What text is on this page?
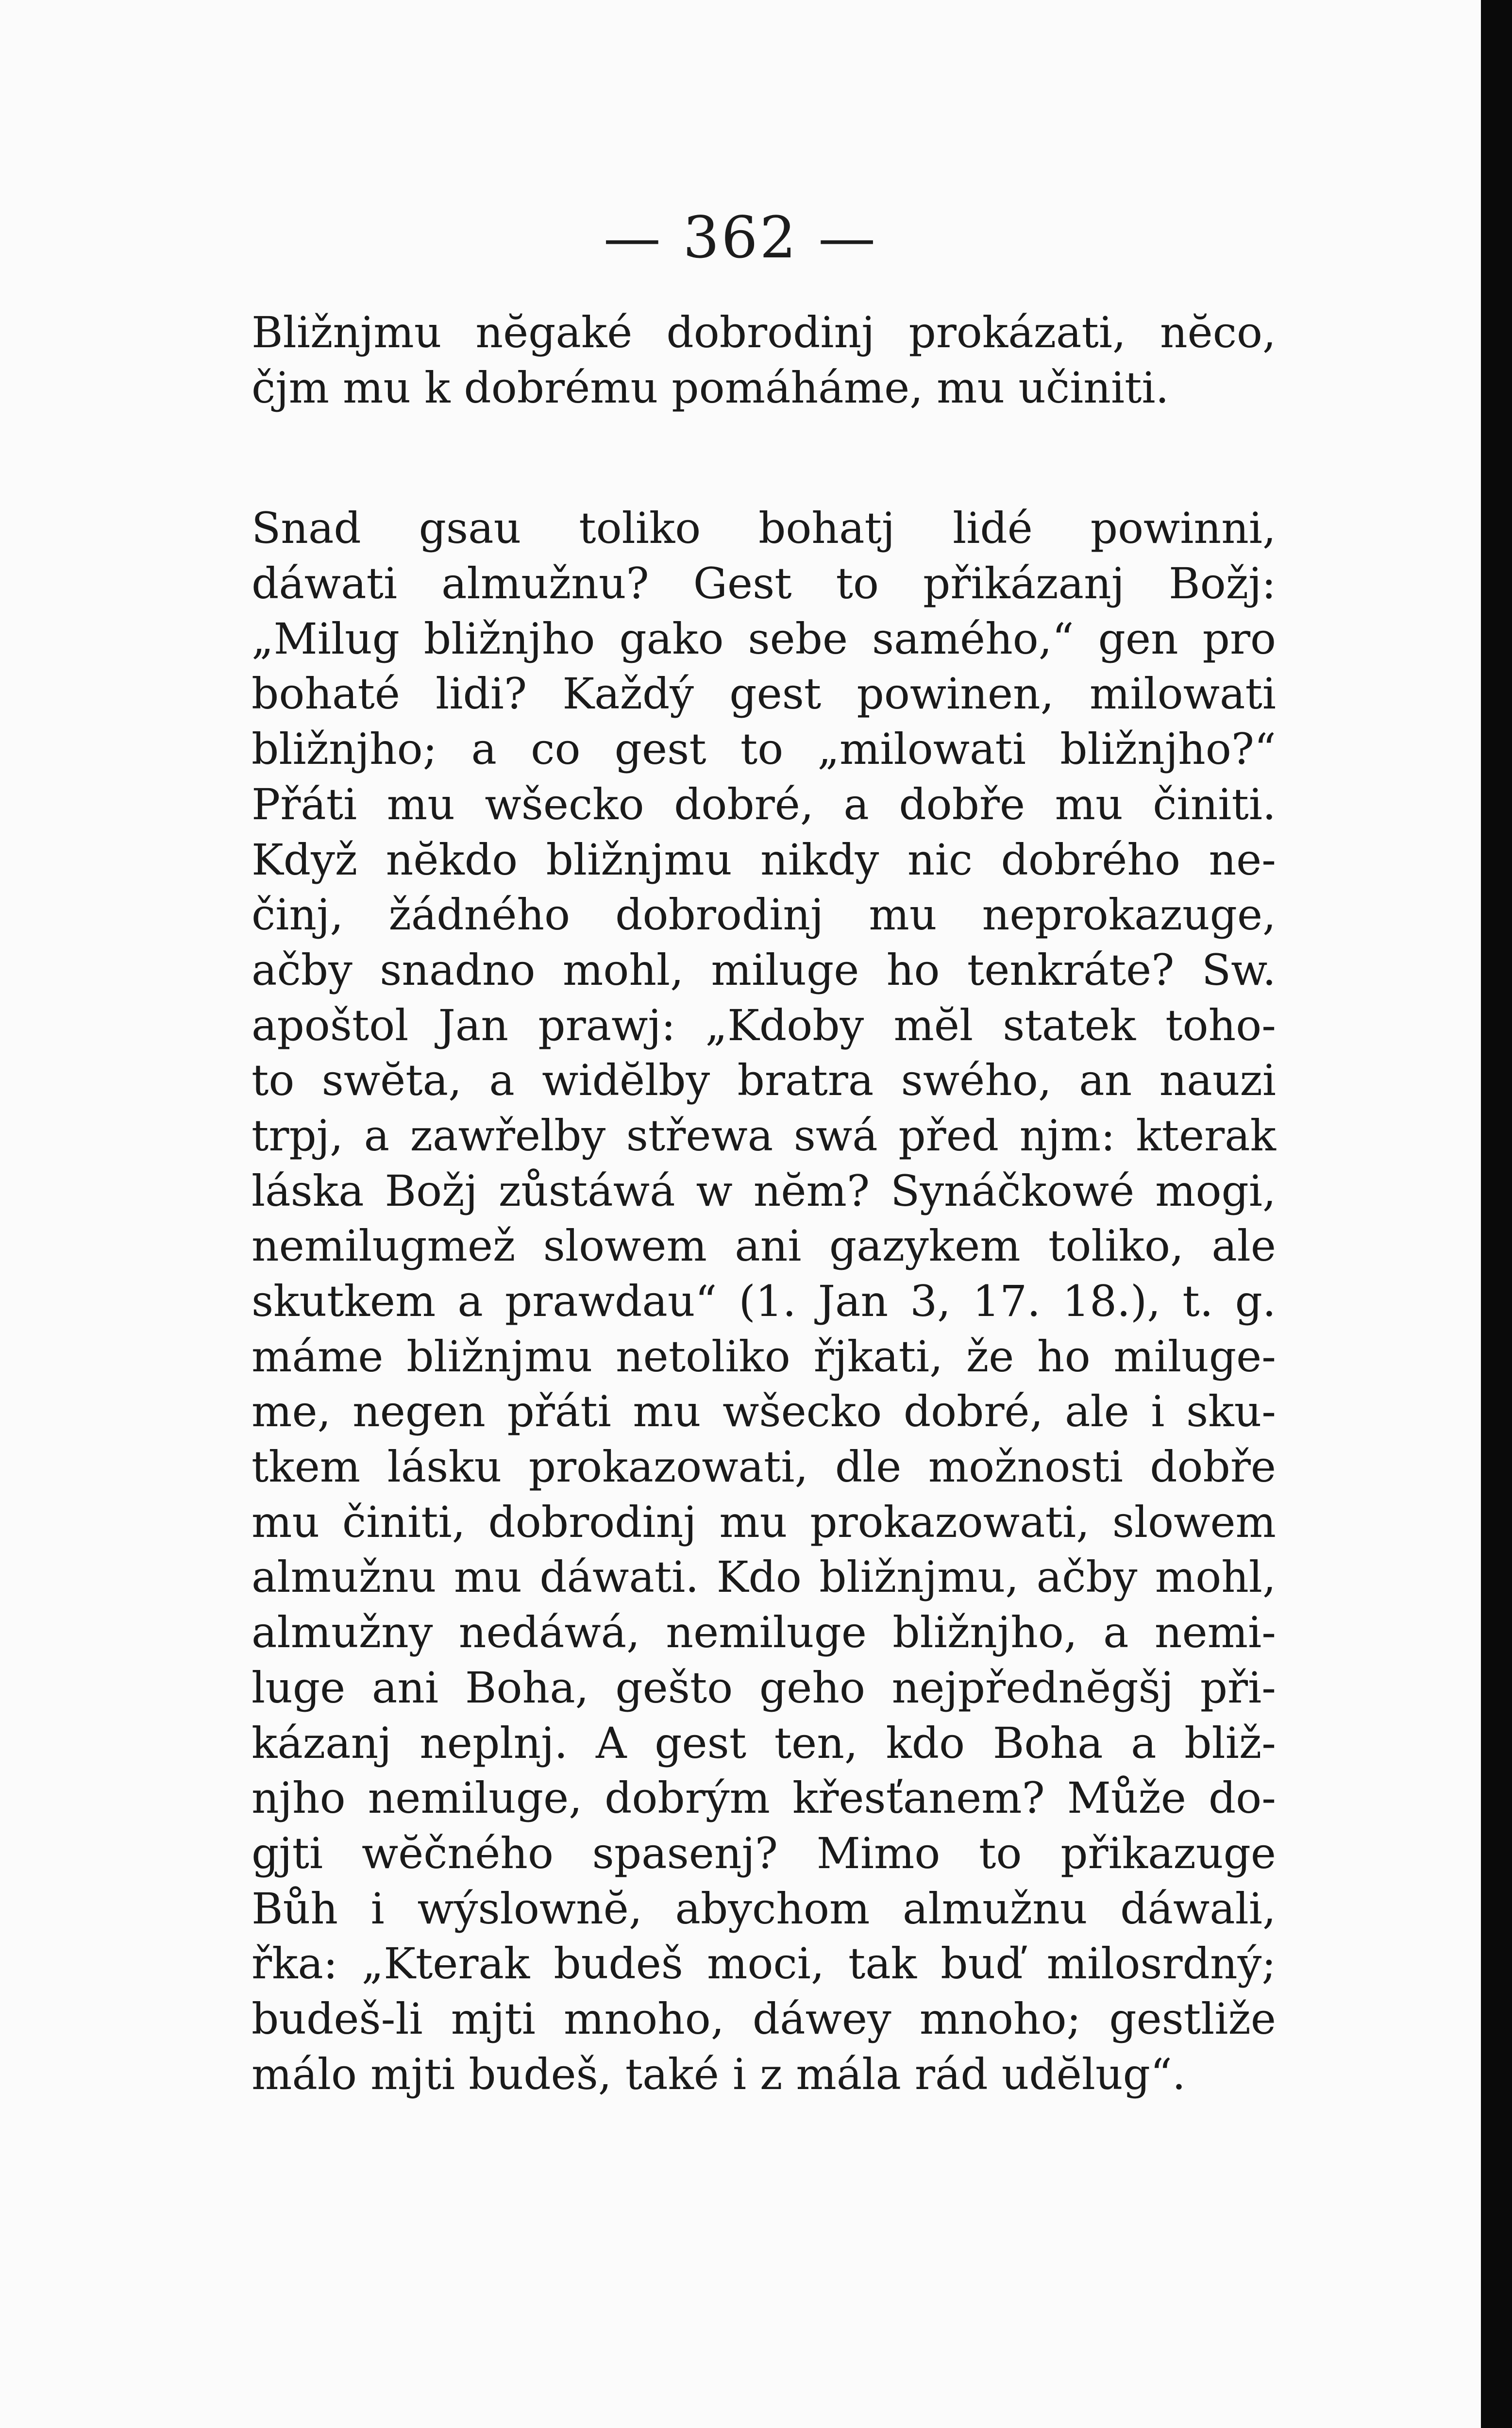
— 362 —
Bližnjmu nĕgaké dobrodinj prokázati, nĕco,
čjm mu k dobrému pomáháme, mu učiniti.
Snad gsau toliko bohatj lidé powinni,
dáwati almužnu? Gest to přikázanj Božj:
„Milug bližnjho gako sebe samého,“ gen pro
bohaté lidi? Každý gest powinen, milowati
bližnjho; a co gest to „milowati bližnjho?“
Přáti mu wšecko dobré, a dobře mu činiti.
Když nĕkdo bližnjmu nikdy nic dobrého ne-
činj, žádného dobrodinj mu neprokazuge,
ačby snadno mohl, miluge ho tenkráte? Sw.
apoštol Jan prawj: „Kdoby mĕl statek toho-
to swĕta, a widĕlby bratra swého, an nauzi
trpj, a zawřelby střewa swá před njm: kterak
láska Božj zůstáwá w nĕm? Synáčkowé mogi,
nemilugmež slowem ani gazykem toliko, ale
skutkem a prawdau“ (1. Jan 3, 17. 18.), t. g.
máme bližnjmu netoliko řjkati, že ho miluge-
me, negen přáti mu wšecko dobré, ale i sku-
tkem lásku prokazowati, dle možnosti dobře
mu činiti, dobrodinj mu prokazowati, slowem
almužnu mu dáwati. Kdo bližnjmu, ačby mohl,
almužny nedáwá, nemiluge bližnjho, a nemi-
luge ani Boha, gešto geho nejpřednĕgšj při-
kázanj neplnj. A gest ten, kdo Boha a bliž-
njho nemiluge, dobrým křesťanem? Může do-
gjti wĕčného spasenj? Mimo to přikazuge
Bůh i wýslownĕ, abychom almužnu dáwali,
řka: „Kterak budeš moci, tak buď milosrdný;
budeš-li mjti mnoho, dáwey mnoho; gestliže
málo mjti budeš, také i z mála rád udĕlug“.
